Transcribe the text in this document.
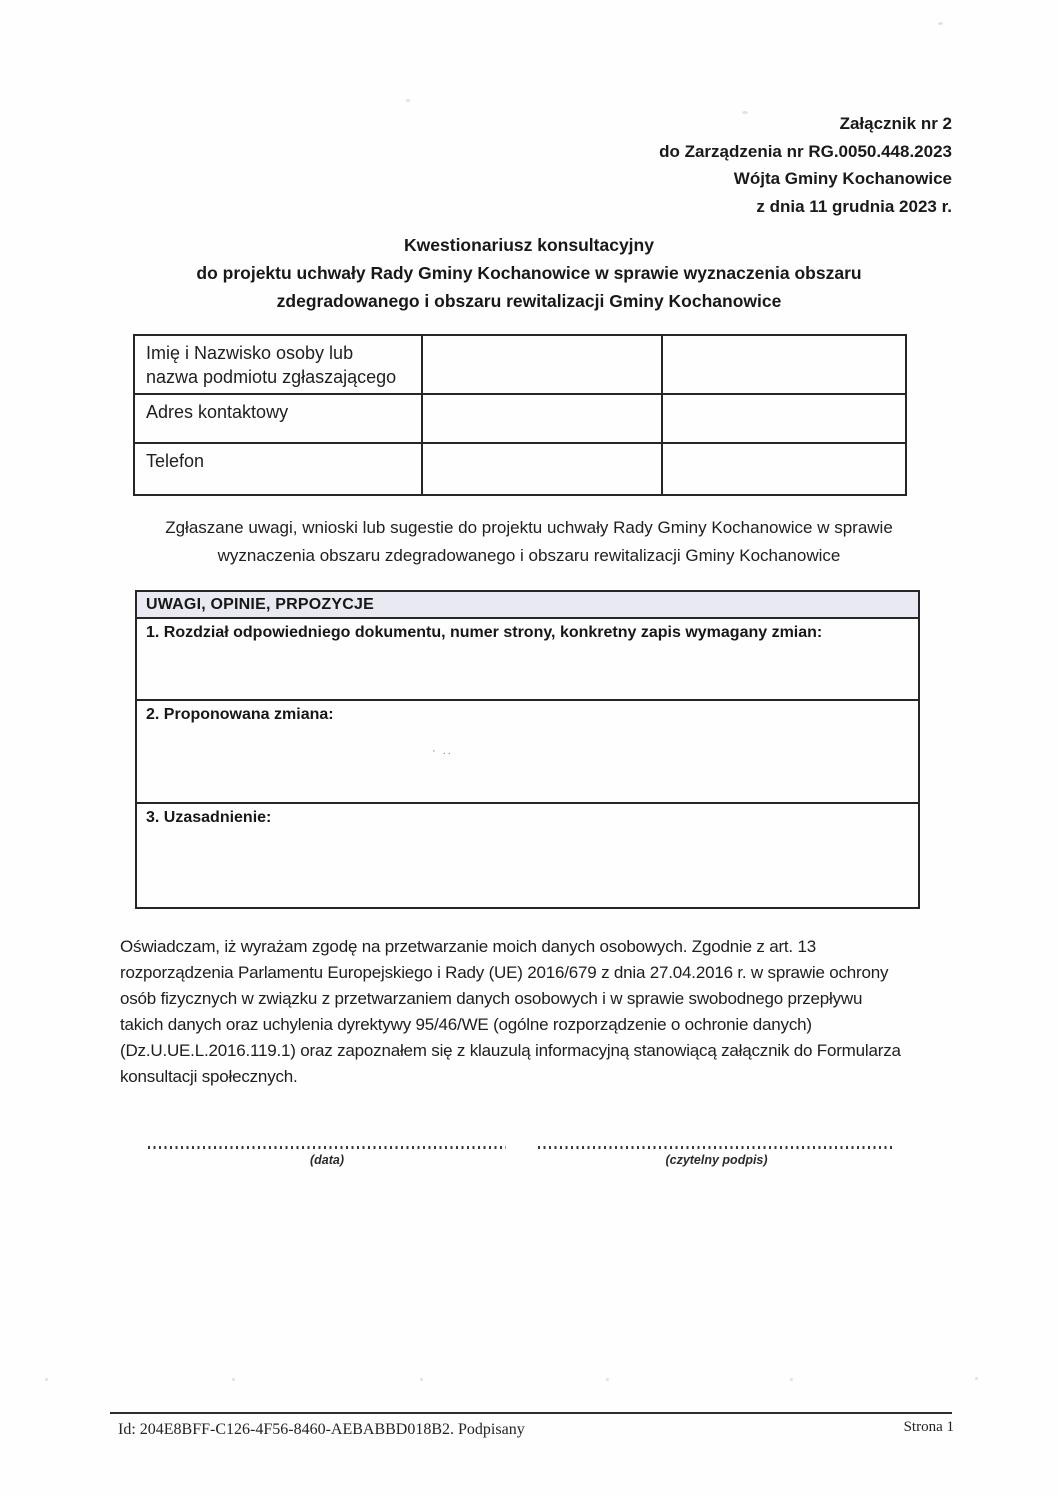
Załącznik nr 2
do Zarządzenia nr RG.0050.448.2023
Wójta Gminy Kochanowice
z dnia 11 grudnia 2023 r.
Kwestionariusz konsultacyjny
do projektu uchwały Rady Gminy Kochanowice w sprawie wyznaczenia obszaru
zdegradowanego i obszaru rewitalizacji Gminy Kochanowice
Imię i Nazwisko osoby lub
nazwa podmiotu zgłaszającego		

Adres kontaktowy		

Telefon		

Zgłaszane uwagi, wnioski lub sugestie do projektu uchwały Rady Gminy Kochanowice w sprawie
wyznaczenia obszaru zdegradowanego i obszaru rewitalizacji Gminy Kochanowice
UWAGI, OPINIE, PRPOZYCJE
1. Rozdział odpowiedniego dokumentu, numer strony, konkretny zapis wymagany zmian:
2. Proponowana zmiana:
3. Uzasadnienie:
· ..
Oświadczam, iż wyrażam zgodę na przetwarzanie moich danych osobowych. Zgodnie z art. 13
rozporządzenia Parlamentu Europejskiego i Rady (UE) 2016/679 z dnia 27.04.2016 r. w sprawie ochrony
osób fizycznych w związku z przetwarzaniem danych osobowych i w sprawie swobodnego przepływu
takich danych oraz uchylenia dyrektywy 95/46/WE (ogólne rozporządzenie o ochronie danych)
(Dz.U.UE.L.2016.119.1) oraz zapoznałem się z klauzulą informacyjną stanowiącą załącznik do Formularza
konsultacji społecznych.
(data)	(czytelny podpis)
Id: 204E8BFF-C126-4F56-8460-AEBABBD018B2. Podpisany	Strona 1
